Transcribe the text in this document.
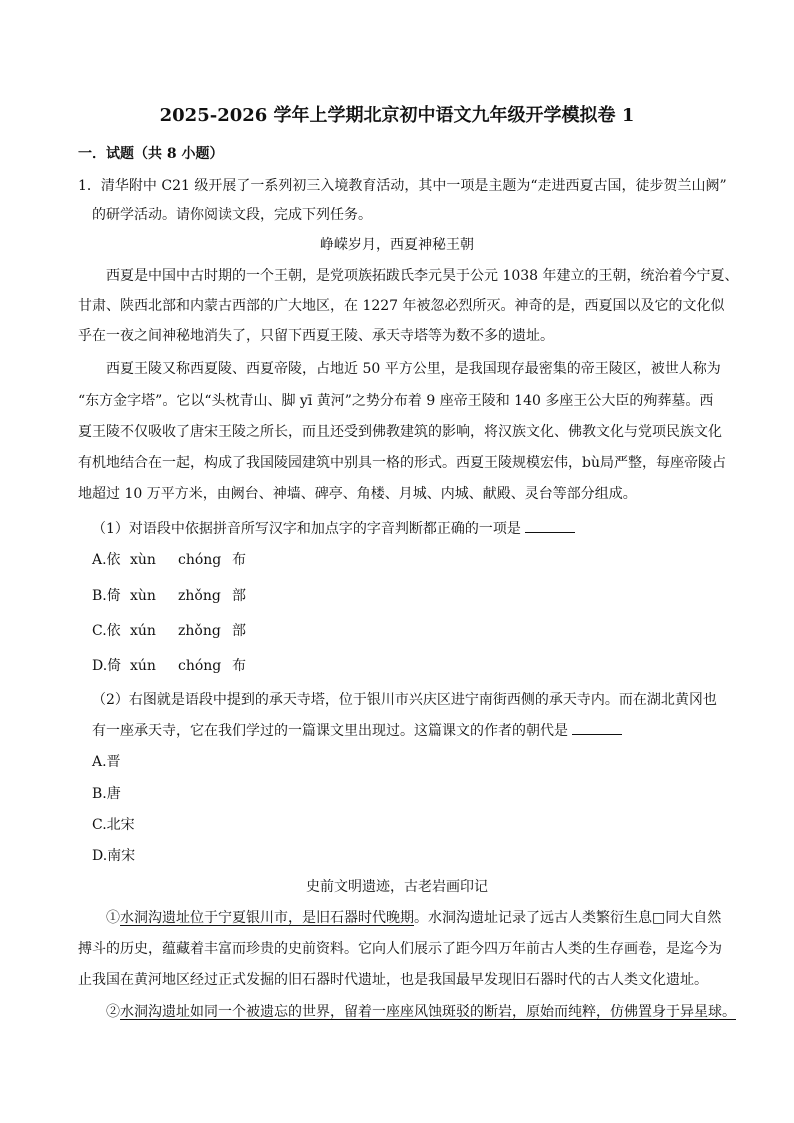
2025-2026 学年上学期北京初中语文九年级开学模拟卷 1
一．试题（共 8 小题）
1．清华附中 C21 级开展了一系列初三入境教育活动，其中一项是主题为“走进西夏古国，徒步贺兰山阙”
的研学活动。请你阅读文段，完成下列任务。
峥嵘岁月，西夏神秘王朝
西夏是中国中古时期的一个王朝，是党项族拓跋氏李元昊于公元 1038 年建立的王朝，统治着今宁夏、
甘肃、陕西北部和内蒙古西部的广大地区，在 1227 年被忽必烈所灭。神奇的是，西夏国以及它的文化似
乎在一夜之间神秘地消失了，只留下西夏王陵、承天寺塔等为数不多的遗址。
西夏王陵又称西夏陵、西夏帝陵，占地近 50 平方公里，是我国现存最密集的帝王陵区，被世人称为
“东方金字塔”。它以“头枕青山、脚 yī 黄河”之势分布着 9 座帝王陵和 140 多座王公大臣的殉葬墓。西
夏王陵不仅吸收了唐宋王陵之所长，而且还受到佛教建筑的影响，将汉族文化、佛教文化与党项民族文化
有机地结合在一起，构成了我国陵园建筑中别具一格的形式。西夏王陵规模宏伟，bù局严整，每座帝陵占
地超过 10 万平方米，由阙台、神墙、碑亭、角楼、月城、内城、献殿、灵台等部分组成。
（1）对语段中依据拼音所写汉字和加点字的字音判断都正确的一项是
A.依 xùn chóng 布
B.倚 xùn zhǒng 部
C.依 xún zhǒng 部
D.倚 xún chóng 布
（2）右图就是语段中提到的承天寺塔，位于银川市兴庆区进宁南街西侧的承天寺内。而在湖北黄冈也
有一座承天寺，它在我们学过的一篇课文里出现过。这篇课文的作者的朝代是
A.晋
B.唐
C.北宋
D.南宋
史前文明遗迹，古老岩画印记
①水洞沟遗址位于宁夏银川市，是旧石器时代晚期。水洞沟遗址记录了远古人类繁衍生息□同大自然
搏斗的历史，蕴藏着丰富而珍贵的史前资料。它向人们展示了距今四万年前古人类的生存画卷，是迄今为
止我国在黄河地区经过正式发掘的旧石器时代遗址，也是我国最早发现旧石器时代的古人类文化遗址。
②水洞沟遗址如同一个被遗忘的世界，留着一座座风蚀斑驳的断岩，原始而纯粹，仿佛置身于异星球。
